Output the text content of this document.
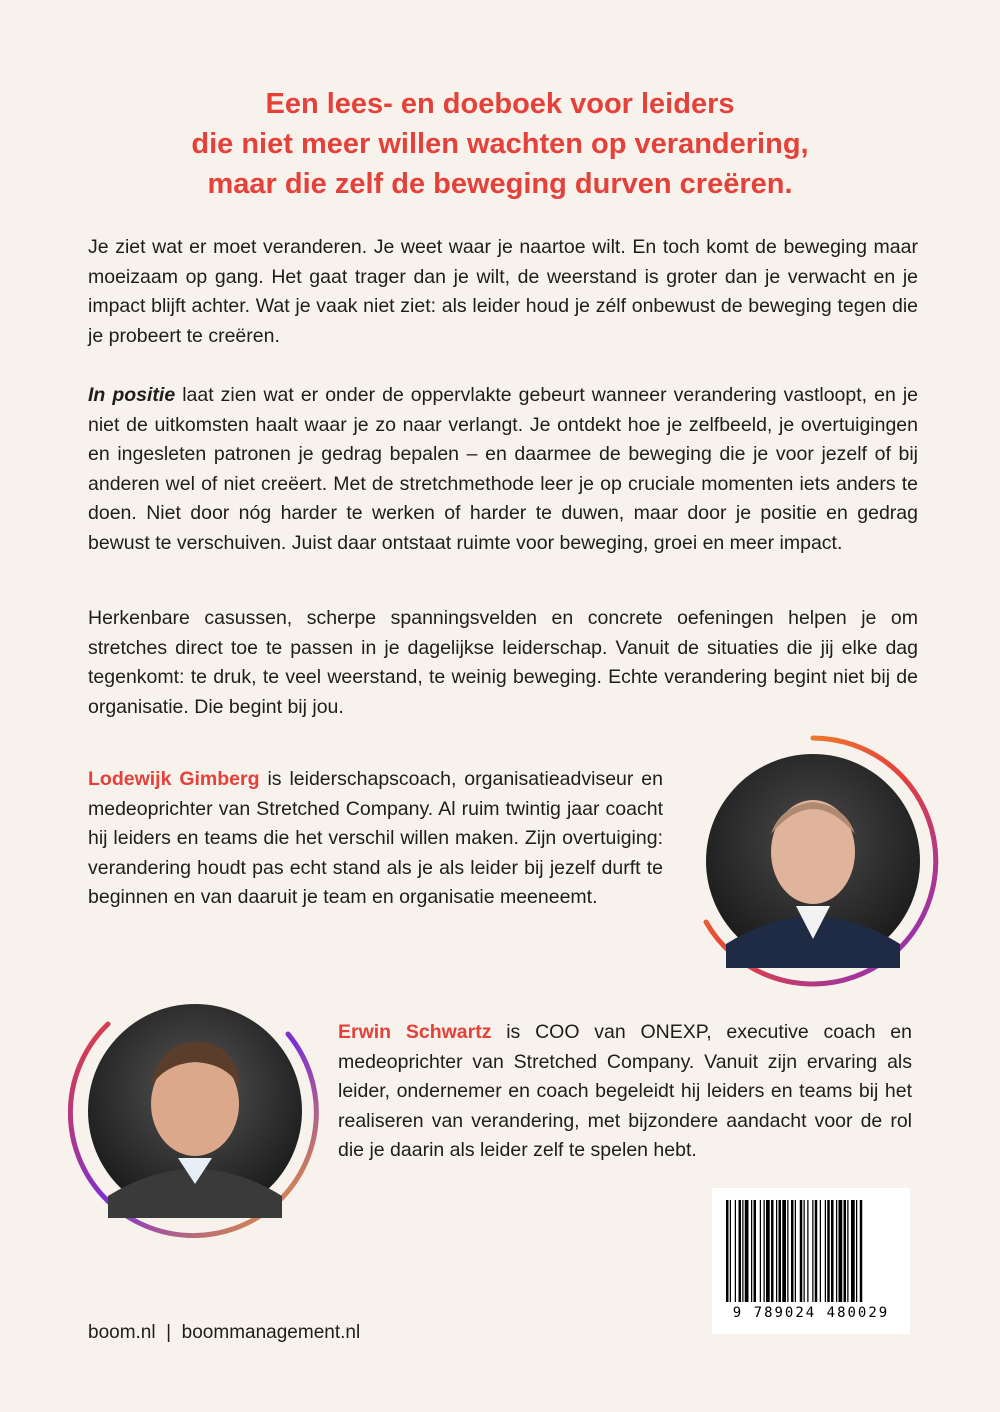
Een lees- en doeboek voor leiders
die niet meer willen wachten op verandering,
maar die zelf de beweging durven creëren.

Je ziet wat er moet veranderen. Je weet waar je naartoe wilt. En toch komt de beweging maar moeizaam op gang. Het gaat trager dan je wilt, de weerstand is groter dan je verwacht en je impact blijft achter. Wat je vaak niet ziet: als leider houd je zélf onbewust de beweging tegen die je probeert te creëren.

In positie laat zien wat er onder de oppervlakte gebeurt wanneer verandering vastloopt, en je niet de uitkomsten haalt waar je zo naar verlangt. Je ontdekt hoe je zelfbeeld, je overtuigingen en ingesleten patronen je gedrag bepalen – en daarmee de beweging die je voor jezelf of bij anderen wel of niet creëert. Met de stretchmethode leer je op cruciale momenten iets anders te doen. Niet door nóg harder te werken of harder te duwen, maar door je positie en gedrag bewust te verschuiven. Juist daar ontstaat ruimte voor beweging, groei en meer impact.

Herkenbare casussen, scherpe spanningsvelden en concrete oefeningen helpen je om stretches direct toe te passen in je dagelijkse leiderschap. Vanuit de situaties die jij elke dag tegenkomt: te druk, te veel weerstand, te weinig beweging. Echte verandering begint niet bij de organisatie. Die begint bij jou.

Lodewijk Gimberg is leiderschapscoach, organisatieadviseur en medeoprichter van Stretched Company. Al ruim twintig jaar coacht hij leiders en teams die het verschil willen maken. Zijn overtuiging: verandering houdt pas echt stand als je als leider bij jezelf durft te beginnen en van daaruit je team en organisatie meeneemt.

Erwin Schwartz is COO van ONEXP, executive coach en medeoprichter van Stretched Company. Vanuit zijn ervaring als leider, ondernemer en coach begeleidt hij leiders en teams bij het realiseren van verandering, met bijzondere aandacht voor de rol die je daarin als leider zelf te spelen hebt.

9 789024 480029
boom.nl  |  boommanagement.nl
